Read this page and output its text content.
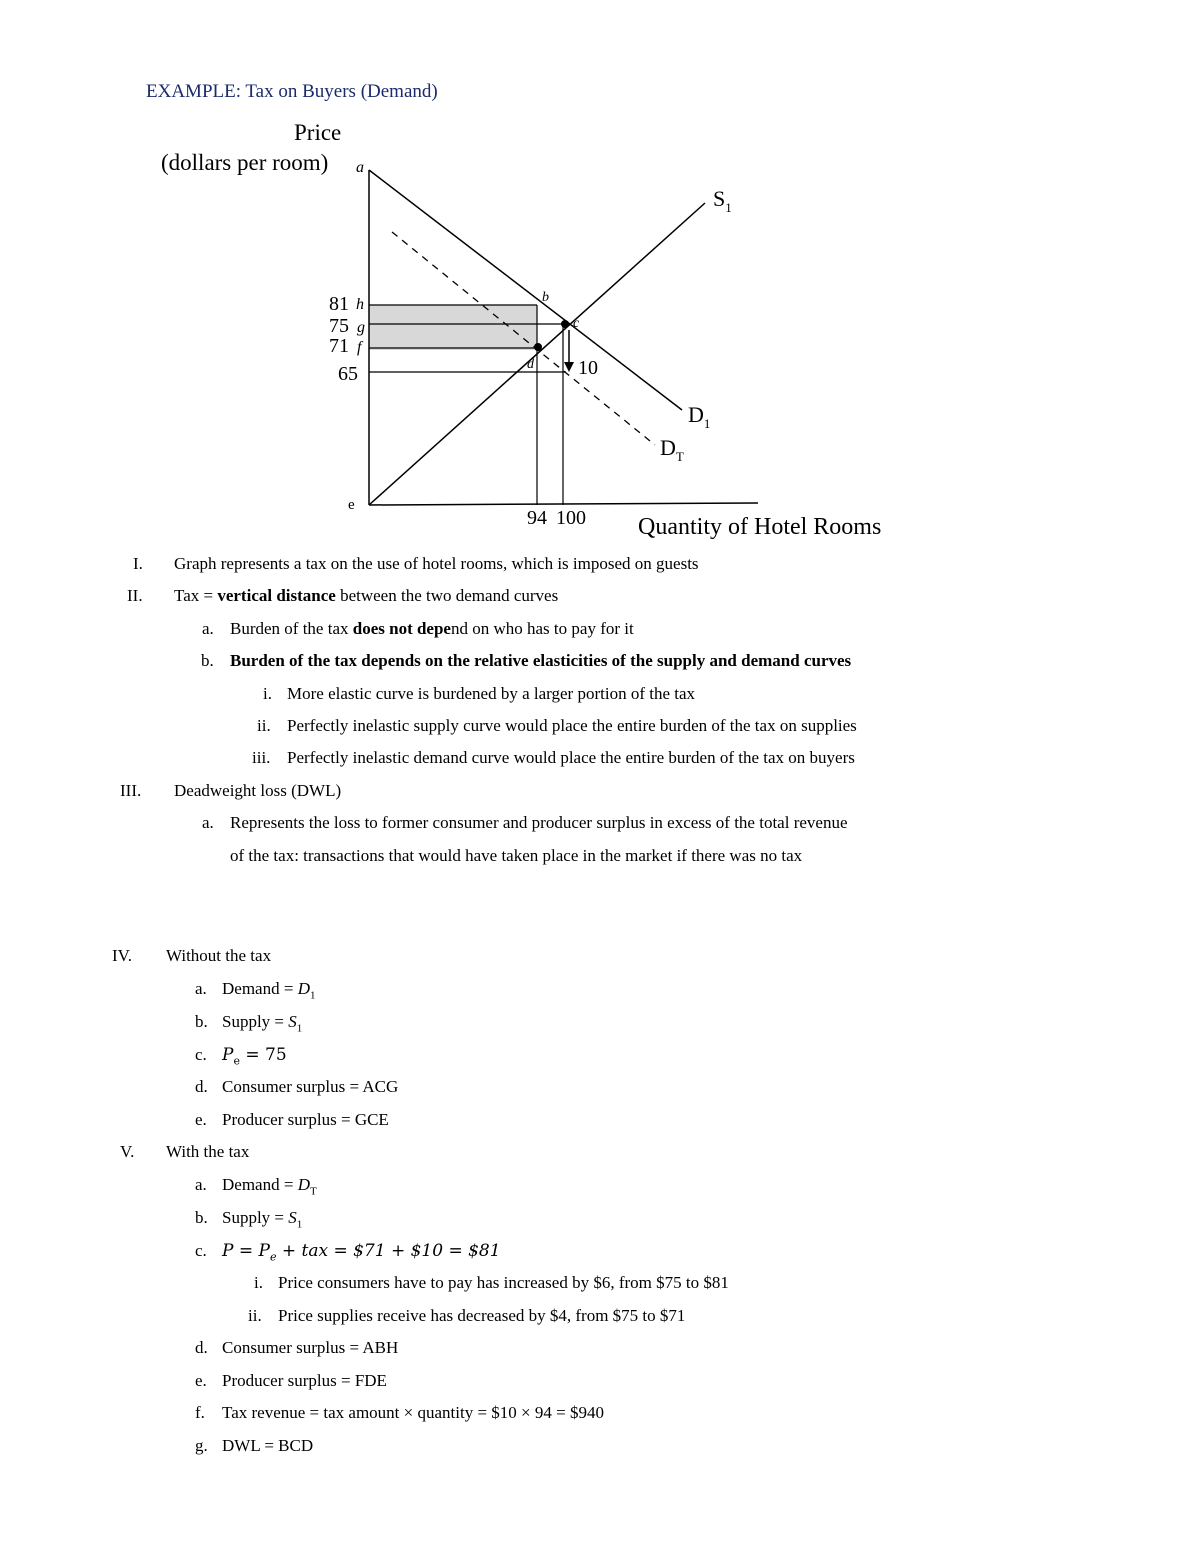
EXAMPLE: Tax on Buyers (Demand)
Price
(dollars per room)
Quantity of Hotel Rooms
81
75
71
65
94 100
a
h
g
f
b
c
d
e
10
$S_1$
$D_1$
$D_T$
I. Graph represents a tax on the use of hotel rooms, which is imposed on guests
II. Tax = vertical distance between the two demand curves
a. Burden of the tax does not depend on who has to pay for it
b. Burden of the tax depends on the relative elasticities of the supply and demand curves
i. More elastic curve is burdened by a larger portion of the tax
ii. Perfectly inelastic supply curve would place the entire burden of the tax on supplies
iii. Perfectly inelastic demand curve would place the entire burden of the tax on buyers
III. Deadweight loss (DWL)
a. Represents the loss to former consumer and producer surplus in excess of the total revenue
of the tax: transactions that would have taken place in the market if there was no tax
IV. Without the tax
a. Demand = $D_1$
b. Supply = $S_1$
c. $P_e = 75$
d. Consumer surplus = ACG
e. Producer surplus = GCE
V. With the tax
a. Demand = $D_T$
b. Supply = $S_1$
c. $P = P_e$ + tax = $71 + $10 = $81
i. Price consumers have to pay has increased by $6, from $75 to $81
ii. Price supplies receive has decreased by $4, from $75 to $71
d. Consumer surplus = ABH
e. Producer surplus = FDE
f. Tax revenue = tax amount × quantity = $10 × 94 = $940
g. DWL = BCD
